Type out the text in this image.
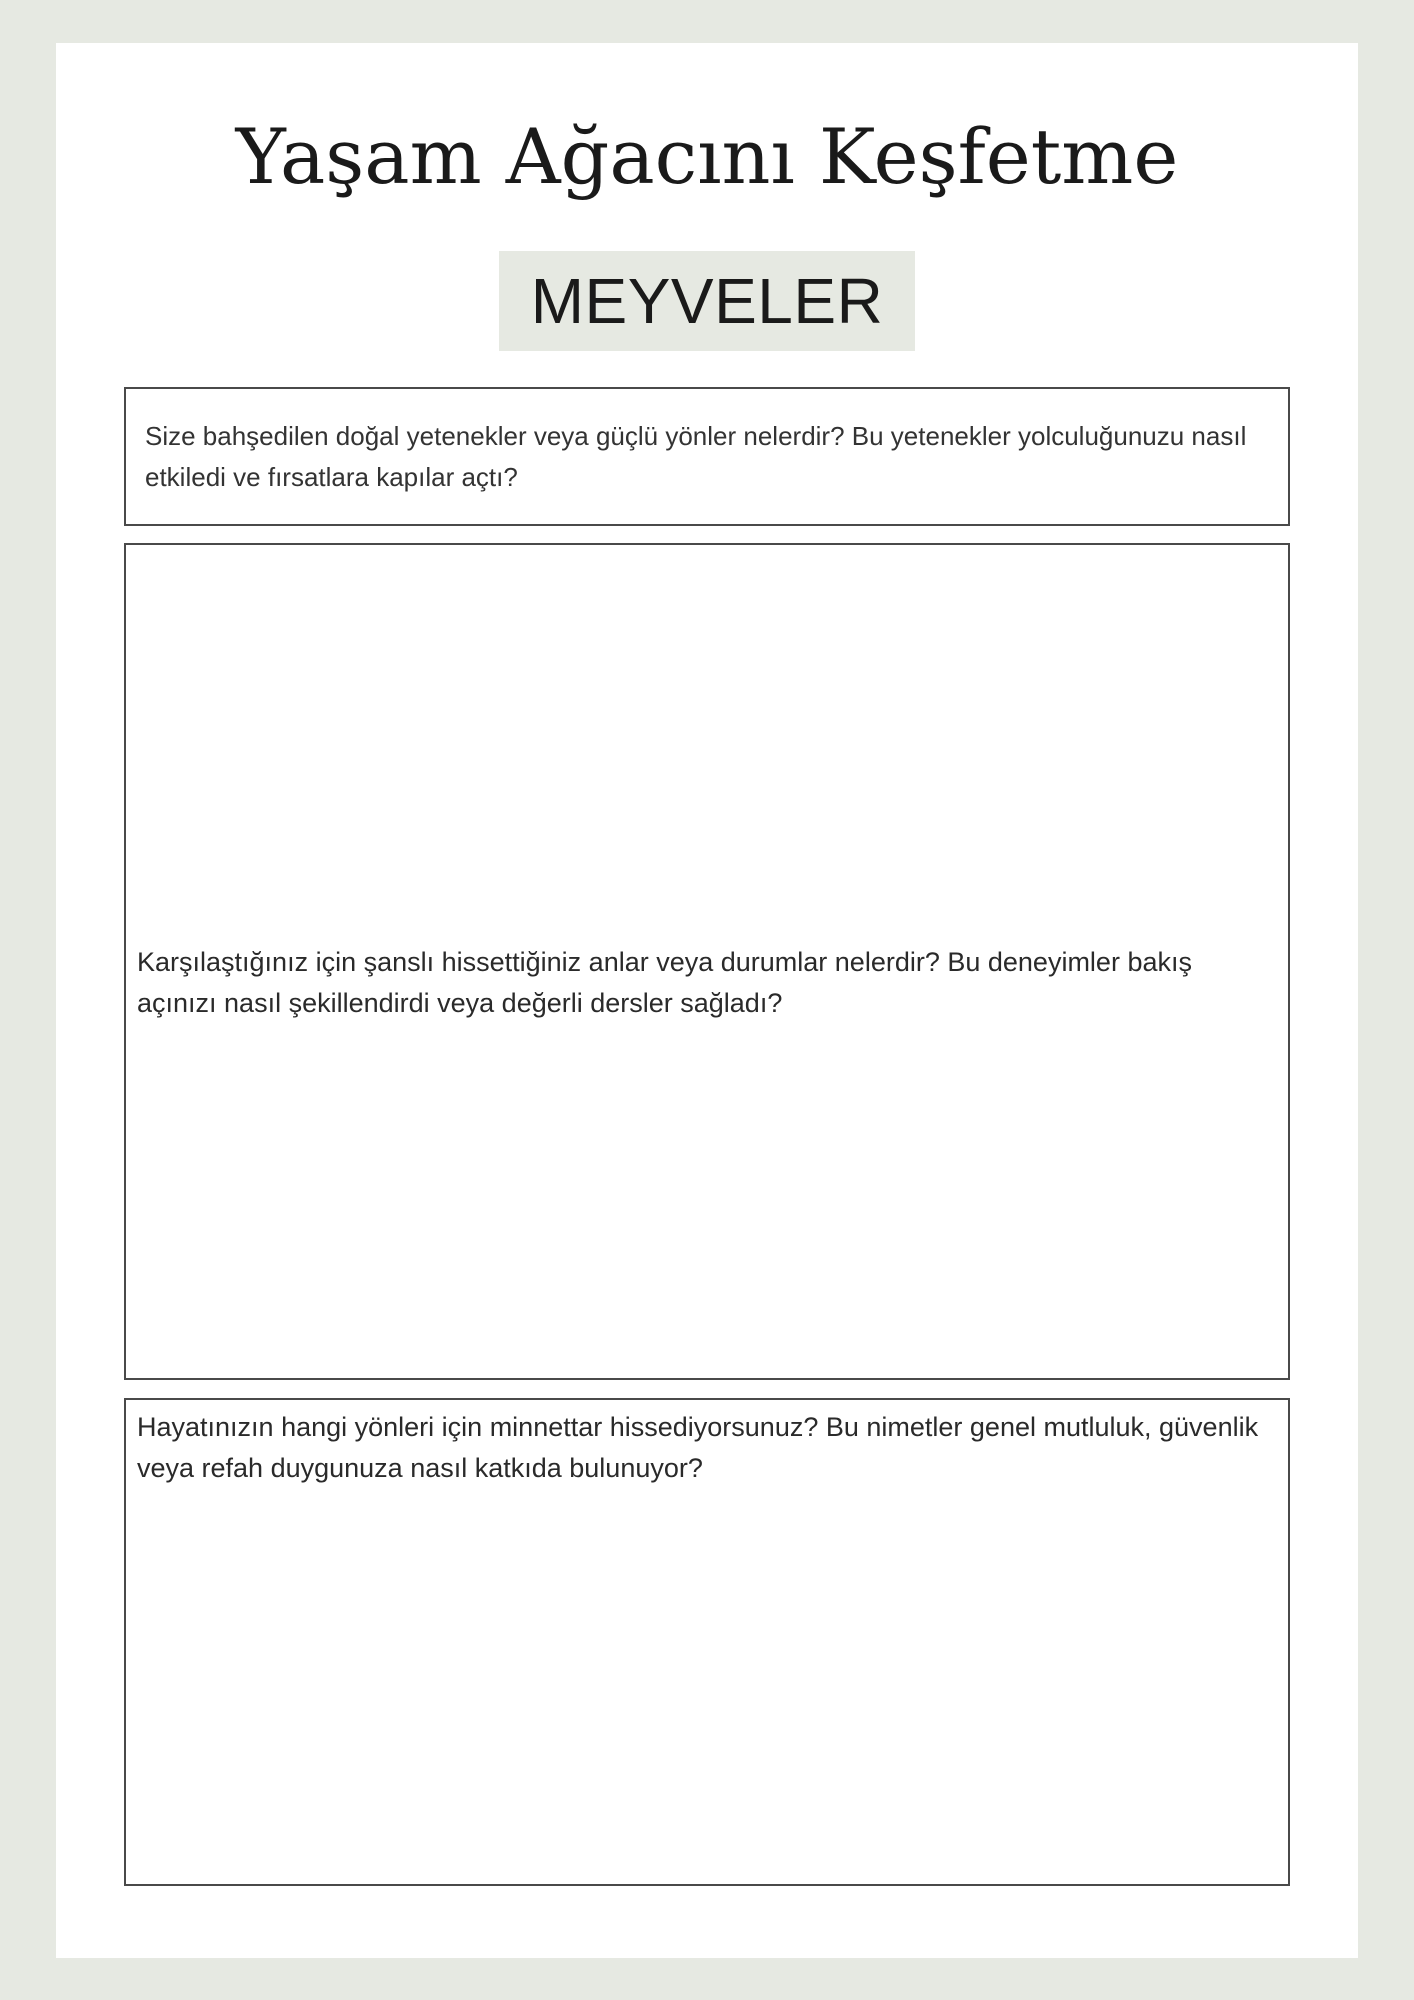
Yaşam Ağacını Keşfetme
MEYVELER

Size bahşedilen doğal yetenekler veya güçlü yönler nelerdir? Bu yetenekler yolculuğunuzu nasıl etkiledi ve fırsatlara kapılar açtı?

Karşılaştığınız için şanslı hissettiğiniz anlar veya durumlar nelerdir? Bu deneyimler bakış açınızı nasıl şekillendirdi veya değerli dersler sağladı?

Hayatınızın hangi yönleri için minnettar hissediyorsunuz? Bu nimetler genel mutluluk, güvenlik veya refah duygunuza nasıl katkıda bulunuyor?
